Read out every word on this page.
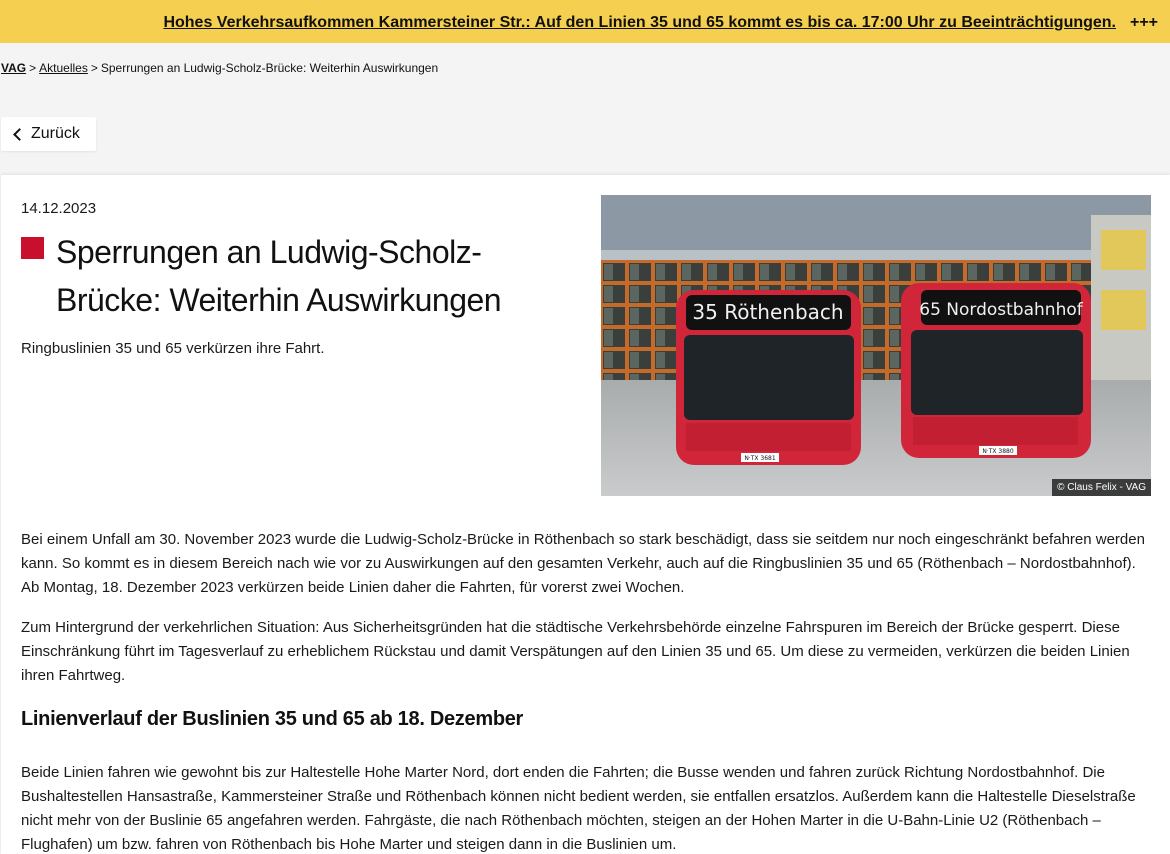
Hohes Verkehrsaufkommen Kammersteiner Str.: Auf den Linien 35 und 65 kommt es bis ca. 17:00 Uhr zu Beeinträchtigungen. +++
VAG > Aktuelles > Sperrungen an Ludwig-Scholz-Brücke: Weiterhin Auswirkungen
Zurück
14.12.2023
Sperrungen an Ludwig-Scholz-Brücke: Weiterhin Auswirkungen

Ringbuslinien 35 und 65 verkürzen ihre Fahrt.

35 Röthenbach
N·TX 3681
65 Nordostbahnhof
N·TX 3880
© Claus Felix - VAG

Bei einem Unfall am 30. November 2023 wurde die Ludwig-Scholz-Brücke in Röthenbach so stark beschädigt, dass sie seitdem nur noch eingeschränkt befahren werden kann. So kommt es in diesem Bereich nach wie vor zu Auswirkungen auf den gesamten Verkehr, auch auf die Ringbuslinien 35 und 65 (Röthenbach – Nordostbahnhof). Ab Montag, 18. Dezember 2023 verkürzen beide Linien daher die Fahrten, für vorerst zwei Wochen.

Zum Hintergrund der verkehrlichen Situation: Aus Sicherheitsgründen hat die städtische Verkehrsbehörde einzelne Fahrspuren im Bereich der Brücke gesperrt. Diese Einschränkung führt im Tagesverlauf zu erheblichem Rückstau und damit Verspätungen auf den Linien 35 und 65. Um diese zu vermeiden, verkürzen die beiden Linien ihren Fahrtweg.

Linienverlauf der Buslinien 35 und 65 ab 18. Dezember

Beide Linien fahren wie gewohnt bis zur Haltestelle Hohe Marter Nord, dort enden die Fahrten; die Busse wenden und fahren zurück Richtung Nordostbahnhof. Die Bushaltestellen Hansastraße, Kammersteiner Straße und Röthenbach können nicht bedient werden, sie entfallen ersatzlos. Außerdem kann die Haltestelle Dieselstraße nicht mehr von der Buslinie 65 angefahren werden. Fahrgäste, die nach Röthenbach möchten, steigen an der Hohen Marter in die U-Bahn-Linie U2 (Röthenbach – Flughafen) um bzw. fahren von Röthenbach bis Hohe Marter und steigen dann in die Buslinien um.
